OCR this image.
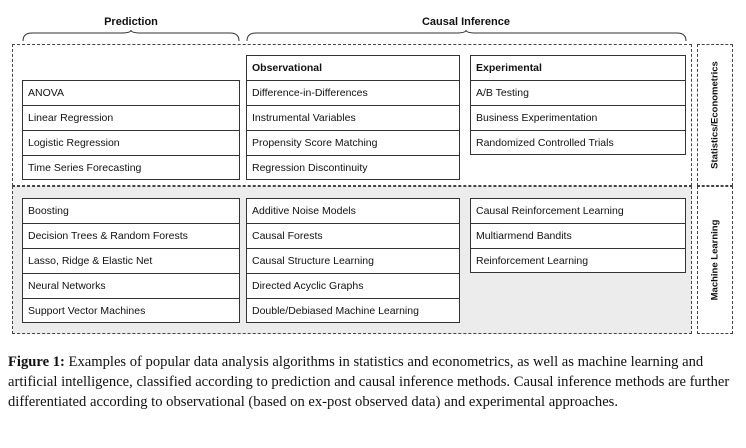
Prediction	Causal Inference
Statistics/Econometrics
Machine Learning
ANOVA
Linear Regression
Logistic Regression
Time Series Forecasting
Observational
Difference-in-Differences
Instrumental Variables
Propensity Score Matching
Regression Discontinuity
Experimental
A/B Testing
Business Experimentation
Randomized Controlled Trials
Boosting
Decision Trees & Random Forests
Lasso, Ridge & Elastic Net
Neural Networks
Support Vector Machines
Additive Noise Models
Causal Forests
Causal Structure Learning
Directed Acyclic Graphs
Double/Debiased Machine Learning
Causal Reinforcement Learning
Multiarmend Bandits
Reinforcement Learning
Figure 1: Examples of popular data analysis algorithms in statistics and econometrics, as well as machine learning and artificial intelligence, classified according to prediction and causal inference methods. Causal inference methods are further differentiated according to observational (based on ex-post observed data) and experimental approaches.
